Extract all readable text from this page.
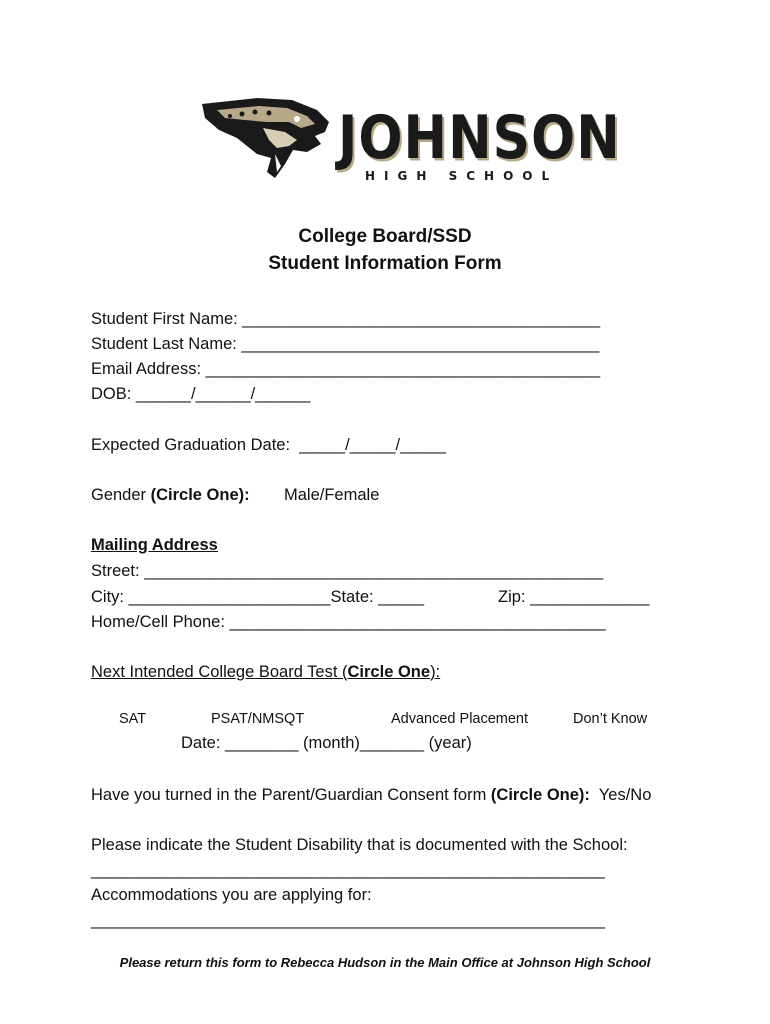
JOHNSON
HIGH SCHOOL
College Board/SSD
Student Information Form
Student First Name: _______________________________________
Student Last Name: _______________________________________
Email Address: ___________________________________________
DOB: ______/______/______
Expected Graduation Date:  _____/_____/_____
Gender (Circle One): Male/Female
Mailing Address
Street: __________________________________________________
City: ______________________State: _____	Zip: _____________
Home/Cell Phone: _________________________________________
Next Intended College Board Test (Circle One):
SAT	PSAT/NMSQT	Advanced Placement	Don’t Know
Date: ________ (month)_______ (year)
Have you turned in the Parent/Guardian Consent form (Circle One):  Yes/No
Please indicate the Student Disability that is documented with the School:
________________________________________________________
Accommodations you are applying for:
________________________________________________________
Please return this form to Rebecca Hudson in the Main Office at Johnson High School
